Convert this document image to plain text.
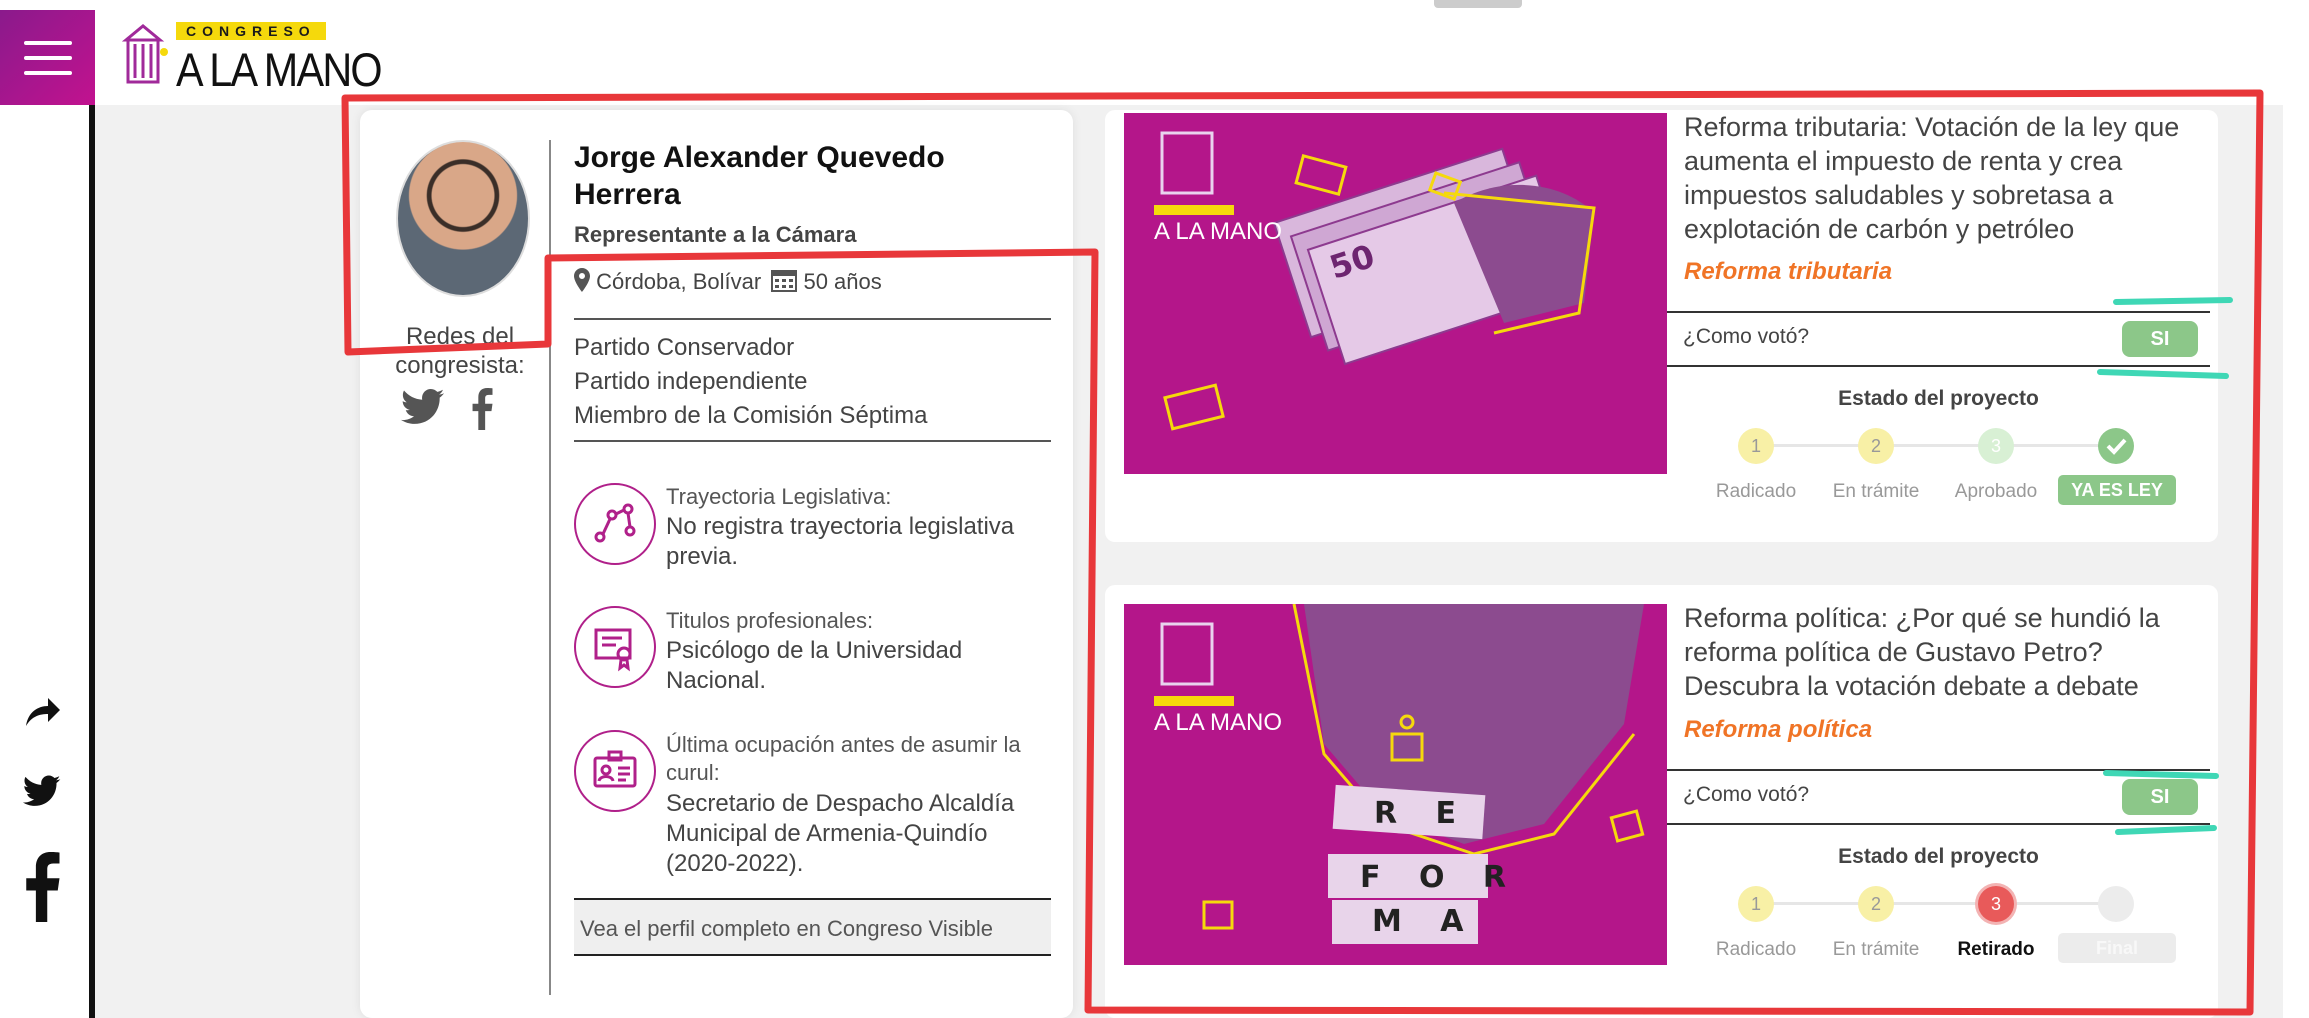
CONGRESO
A LA MANO
Redes del congresista:
Jorge Alexander Quevedo Herrera
Representante a la Cámara
Córdoba, Bolívar 50 años
Partido Conservador
Partido independiente
Miembro de la Comisión Séptima
Trayectoria Legislativa:
No registra trayectoria legislativa previa.
Titulos profesionales:
Psicólogo de la Universidad Nacional.
Última ocupación antes de asumir la curul:
Secretario de Despacho Alcaldía Municipal de Armenia-Quindío (2020-2022).
Vea el perfil completo en Congreso Visible
50
A LA MANO
Reforma tributaria: Votación de la ley que aumenta el impuesto de renta y crea impuestos saludables y sobretasa a explotación de carbón y petróleo
Reforma tributaria
¿Como votó?	SI
Estado del proyecto
1	2	3
Radicado	En trámite	Aprobado	YA ES LEY
A LA MANO
R E
F O R
M A
Reforma política: ¿Por qué se hundió la reforma política de Gustavo Petro? Descubra la votación debate a debate
Reforma política
¿Como votó?	SI
Estado del proyecto
1	2	3
Radicado	En trámite	Retirado	Final
